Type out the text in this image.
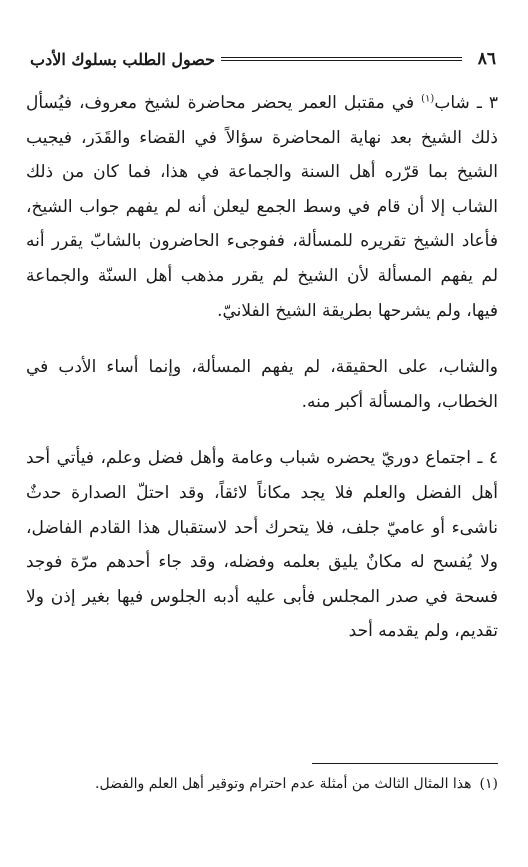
٨٦
حصول الطلب بسلوك الأدب

٣ ـ شاب$^{(١)}$ في مقتبل العمر يحضر محاضرة لشيخ معروف، فيُسأل ذلك الشيخ بعد نهاية المحاضرة سؤالاً في القضاء والقَدَر، فيجيب الشيخ بما قرّره أهل السنة والجماعة في هذا، فما كان من ذلك الشاب إلا أن قام في وسط الجمع ليعلن أنه لم يفهم جواب الشيخ، فأعاد الشيخ تقريره للمسألة، ففوجىء الحاضرون بالشابّ يقرر أنه لم يفهم المسألة لأن الشيخ لم يقرر مذهب أهل السنّة والجماعة فيها، ولم يشرحها بطريقة الشيخ الفلانيّ.

والشاب، على الحقيقة، لم يفهم المسألة، وإنما أساء الأدب في الخطاب، والمسألة أكبر منه.

٤ ـ اجتماع دوريّ يحضره شباب وعامة وأهل فضل وعلم، فيأتي أحد أهل الفضل والعلم فلا يجد مكاناً لائقاً، وقد احتلّ الصدارة حدثٌ ناشىء أو عاميّ جلف، فلا يتحرك أحد لاستقبال هذا القادم الفاضل، ولا يُفسح له مكانٌ يليق بعلمه وفضله، وقد جاء أحدهم مرّة فوجد فسحة في صدر المجلس فأبى عليه أدبه الجلوس فيها بغير إذن ولا تقديم، ولم يقدمه أحد

(١)هذا المثال الثالث من أمثلة عدم احترام وتوقير أهل العلم والفضل.
